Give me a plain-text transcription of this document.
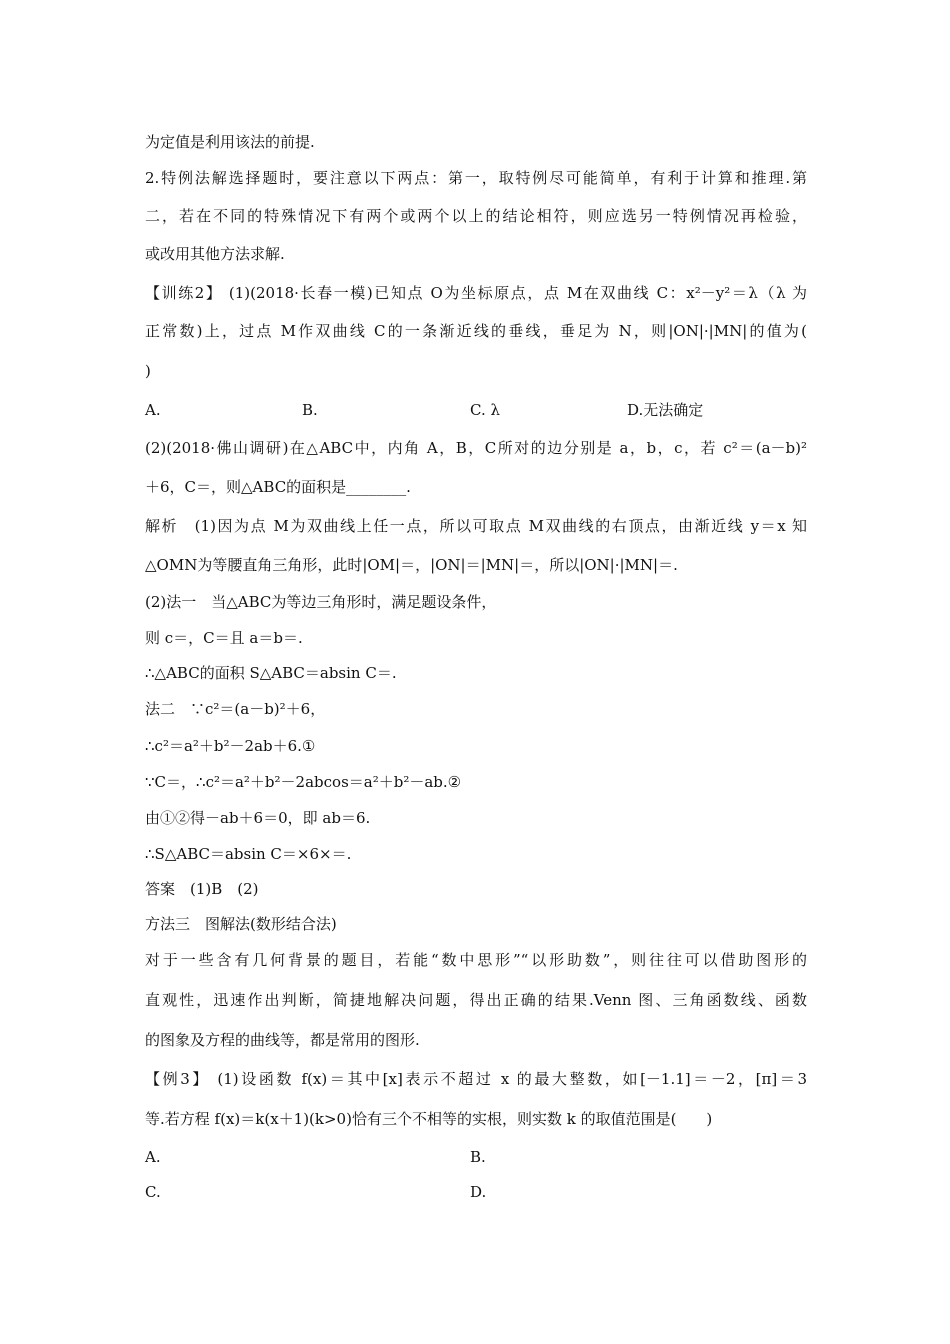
为定值是利用该法的前提.
2.特例法解选择题时，要注意以下两点：第一，取特例尽可能简单，有利于计算和推理.第
二，若在不同的特殊情况下有两个或两个以上的结论相符，则应选另一特例情况再检验，
或改用其他方法求解.
【训练2】 (1)(2018·长春一模)已知点 O为坐标原点，点 M在双曲线 C：x²－y²＝λ（λ 为
正常数)上，过点 M作双曲线 C的一条渐近线的垂线，垂足为 N，则|ON|·|MN|的值为(
)
A.	B.	C. λ	D.无法确定
(2)(2018·佛山调研)在△ABC中，内角 A，B，C所对的边分别是 a，b，c，若 c²＝(a－b)²
＋6，C＝，则△ABC的面积是________.
解析　(1)因为点 M为双曲线上任一点，所以可取点 M双曲线的右顶点，由渐近线 y＝x 知
△OMN为等腰直角三角形，此时|OM|＝，|ON|＝|MN|＝，所以|ON|·|MN|＝.
(2)法一　当△ABC为等边三角形时，满足题设条件，
则 c＝，C＝且 a＝b＝.
∴△ABC的面积 S△ABC＝absin C＝.
法二　∵c²＝(a－b)²＋6，
∴c²＝a²＋b²－2ab＋6.①
∵C＝，∴c²＝a²＋b²－2abcos＝a²＋b²－ab.②
由①②得－ab＋6＝0，即 ab＝6.
∴S△ABC＝absin C＝×6×＝.
答案　(1)B　(2)
方法三　图解法(数形结合法)
对于一些含有几何背景的题目，若能“数中思形”“以形助数”，则往往可以借助图形的
直观性，迅速作出判断，简捷地解决问题，得出正确的结果.Venn 图、三角函数线、函数
的图象及方程的曲线等，都是常用的图形.
【例3】 (1)设函数 f(x)＝其中[x]表示不超过 x 的最大整数，如[－1.1]＝－2，[π]＝3
等.若方程 f(x)＝k(x＋1)(k>0)恰有三个不相等的实根，则实数 k 的取值范围是(　　)
A.	B.
C.	D.
